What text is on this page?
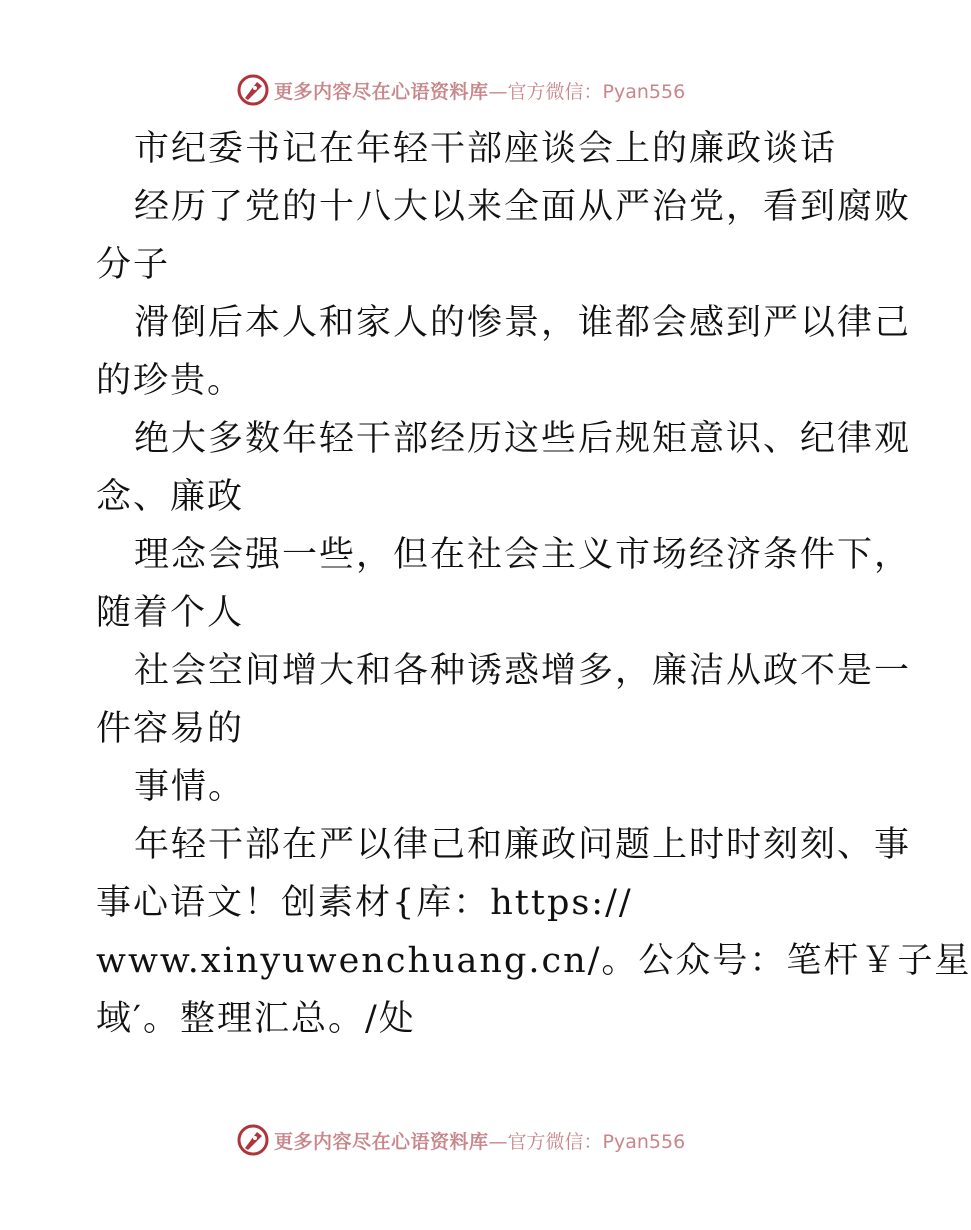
更多内容尽在心语资料库 —官方微信：Pyan556
市纪委书记在年轻干部座谈会上的廉政谈话
经历了党的十八大以来全面从严治党，看到腐败
分子
滑倒后本人和家人的惨景，谁都会感到严以律己
的珍贵。
绝大多数年轻干部经历这些后规矩意识、纪律观
念、廉政
理念会强一些，但在社会主义市场经济条件下，
随着个人
社会空间增大和各种诱惑增多，廉洁从政不是一
件容易的
事情。
年轻干部在严以律己和廉政问题上时时刻刻、事
事心语文！创素材{库：https://
www.xinyuwenchuang.cn/。公众号：笔杆￥子星
域′。整理汇总。/处
更多内容尽在心语资料库 —官方微信：Pyan556
